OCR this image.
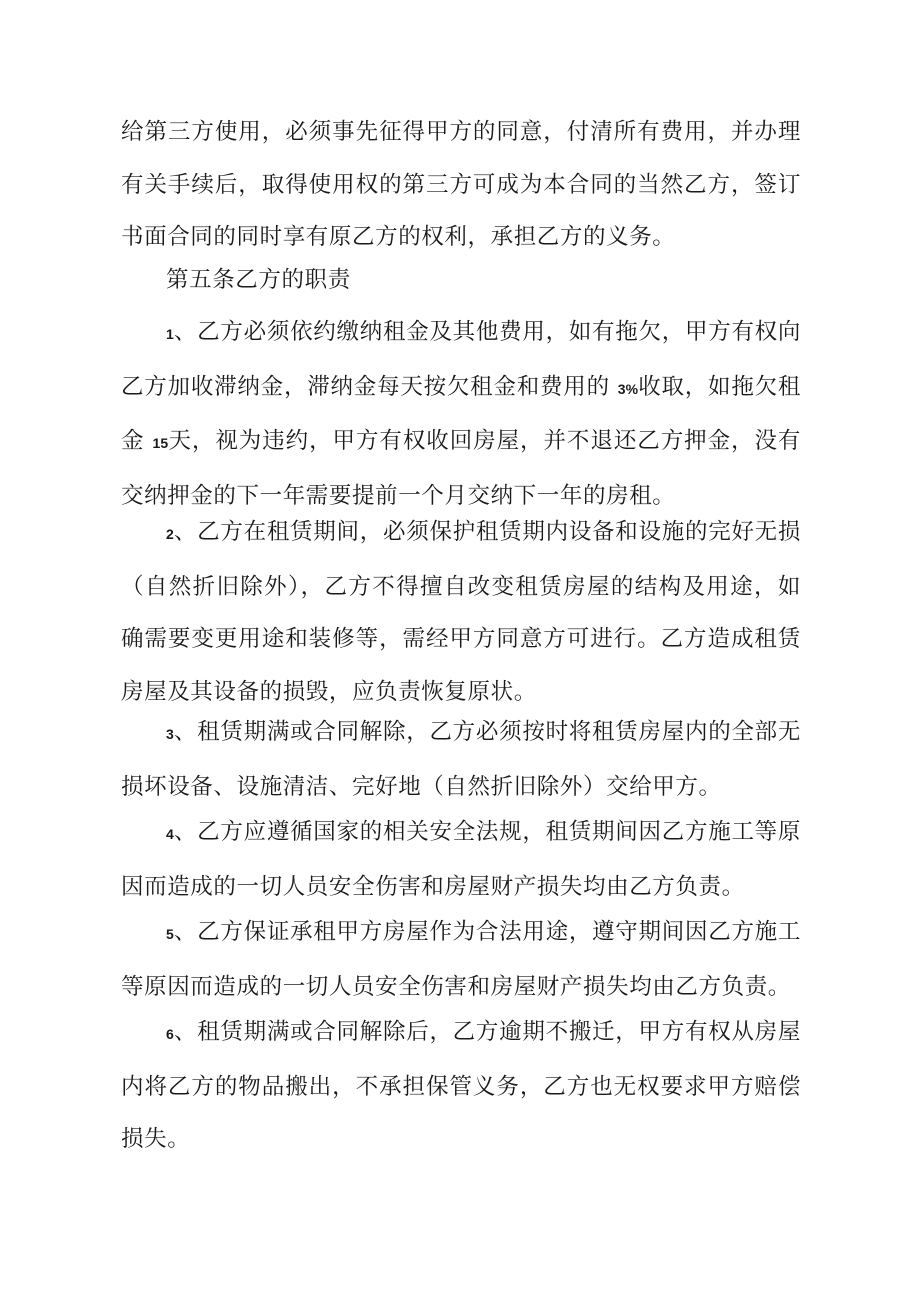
给第三方使用，必须事先征得甲方的同意，付清所有费用，并办理有关手续后，取得使用权的第三方可成为本合同的当然乙方，签订书面合同的同时享有原乙方的权利，承担乙方的义务。

第五条乙方的职责

1、乙方必须依约缴纳租金及其他费用，如有拖欠，甲方有权向乙方加收滞纳金，滞纳金每天按欠租金和费用的 3%收取，如拖欠租金 15天，视为违约，甲方有权收回房屋，并不退还乙方押金，没有交纳押金的下一年需要提前一个月交纳下一年的房租。

2、乙方在租赁期间，必须保护租赁期内设备和设施的完好无损（自然折旧除外），乙方不得擅自改变租赁房屋的结构及用途，如确需要变更用途和装修等，需经甲方同意方可进行。乙方造成租赁房屋及其设备的损毁，应负责恢复原状。

3、租赁期满或合同解除，乙方必须按时将租赁房屋内的全部无损坏设备、设施清洁、完好地（自然折旧除外）交给甲方。

4、乙方应遵循国家的相关安全法规，租赁期间因乙方施工等原因而造成的一切人员安全伤害和房屋财产损失均由乙方负责。

5、乙方保证承租甲方房屋作为合法用途，遵守期间因乙方施工等原因而造成的一切人员安全伤害和房屋财产损失均由乙方负责。

6、租赁期满或合同解除后，乙方逾期不搬迁，甲方有权从房屋内将乙方的物品搬出，不承担保管义务，乙方也无权要求甲方赔偿损失。
